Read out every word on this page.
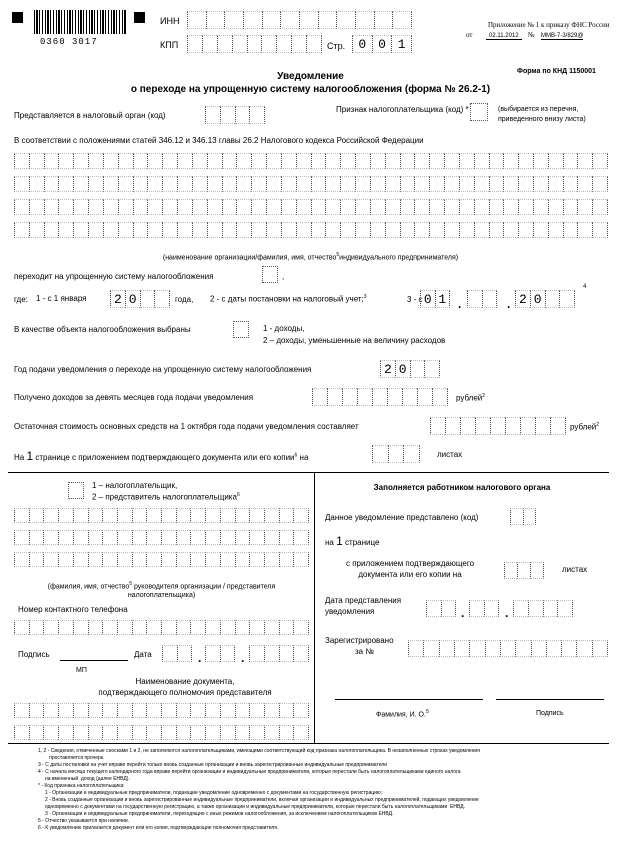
0360 3017
ИНН
КПП	Стр.	0 0 1
Приложение № 1 к приказу ФНС России
от	02.11.2012	№ ММВ-7-3/829@
Форма по КНД 1150001
Уведомление
о переходе на упрощенную систему налогообложения (форма № 26.2-1)
Представляется в налоговый орган (код)
Признак налогоплательщика (код) *	(выбирается из перечня,
приведенного внизу листа)
В соответствии с положениями статей 346.12 и 346.13 главы 26.2 Налогового кодекса Российской Федерации
(наименование организации/фамилия, имя, отчество$^5$индивидуального предпринимателя)
переходит на упрощенную систему налогообложения	,
где: 1 - с 1 января	2 0	года, 2 - с даты постановки на налоговый учет;$^3$	3 - с 0 1 .	. 2 0
4
В качестве объекта налогообложения выбраны	1 - доходы,
2 – доходы, уменьшенные на величину расходов
Год подачи уведомления о переходе на упрощенную систему налогообложения	2 0
Получено доходов за девять месяцев года подачи уведомления	рублей$^2$
Остаточная стоимость основных средств на 1 октября года подачи уведомления составляет	рублей$^2$
На 1 странице с приложением подтверждающего документа или его копии$^6$ на	листах
1 – налогоплательщик,
2 – представитель налогоплательщика$^6$
(фамилия, имя, отчество$^5$ руководителя организации / представителя
налогоплательщика)
Номер контактного телефона
Подпись	Дата	.	.
МП
Наименование документа,
подтверждающего полномочия представителя
Заполняется работником налогового органа
Данное уведомление представлено (код)
на 1 странице
с приложением подтверждающего
документа или его копии на
листах
Дата представления
уведомления	.	.
Зарегистрировано
за №
Фамилия, И. О.$^5$	Подпись
1, 2 - Сведения, отмеченные сносками 1 и 2, не заполняются налогоплательщиками, имеющими соответствующий код признака налогоплательщика. В незаполненных строках уведомления
проставляется прочерк.
3 - С даты постановки на учет вправе перейти только вновь созданные организации и вновь зарегистрированные индивидуальные предприниматели
4 - С начала месяца текущего календарного года вправе перейти организации и индивидуальные предприниматели, которые перестали быть налогоплательщиками единого налога
на вмененный  доход (далее ЕНВД).
* - Код признака налогоплательщика:
1 - Организации и индивидуальные предприниматели, подающие уведомление одновременно с документами на государственную регистрацию;
2 - Вновь созданные организации и вновь зарегистрированные индивидуальные предприниматели, включая организации и индивидуальных предпринимателей, подающих уведомление
одновременно с документами на государственную регистрацию, а также организации и индивидуальные предприниматели, которые перестали быть налогоплательщиками  ЕНВД.
3 - Организации и индивидуальные предприниматели, переходящие с иных режимов налогообложения, за исключением налогоплательщиков ЕНВД.
5 - Отчество указывается при наличии.
6 - К уведомлению прилагается документ или его копия, подтверждающие полномочия представителя.
